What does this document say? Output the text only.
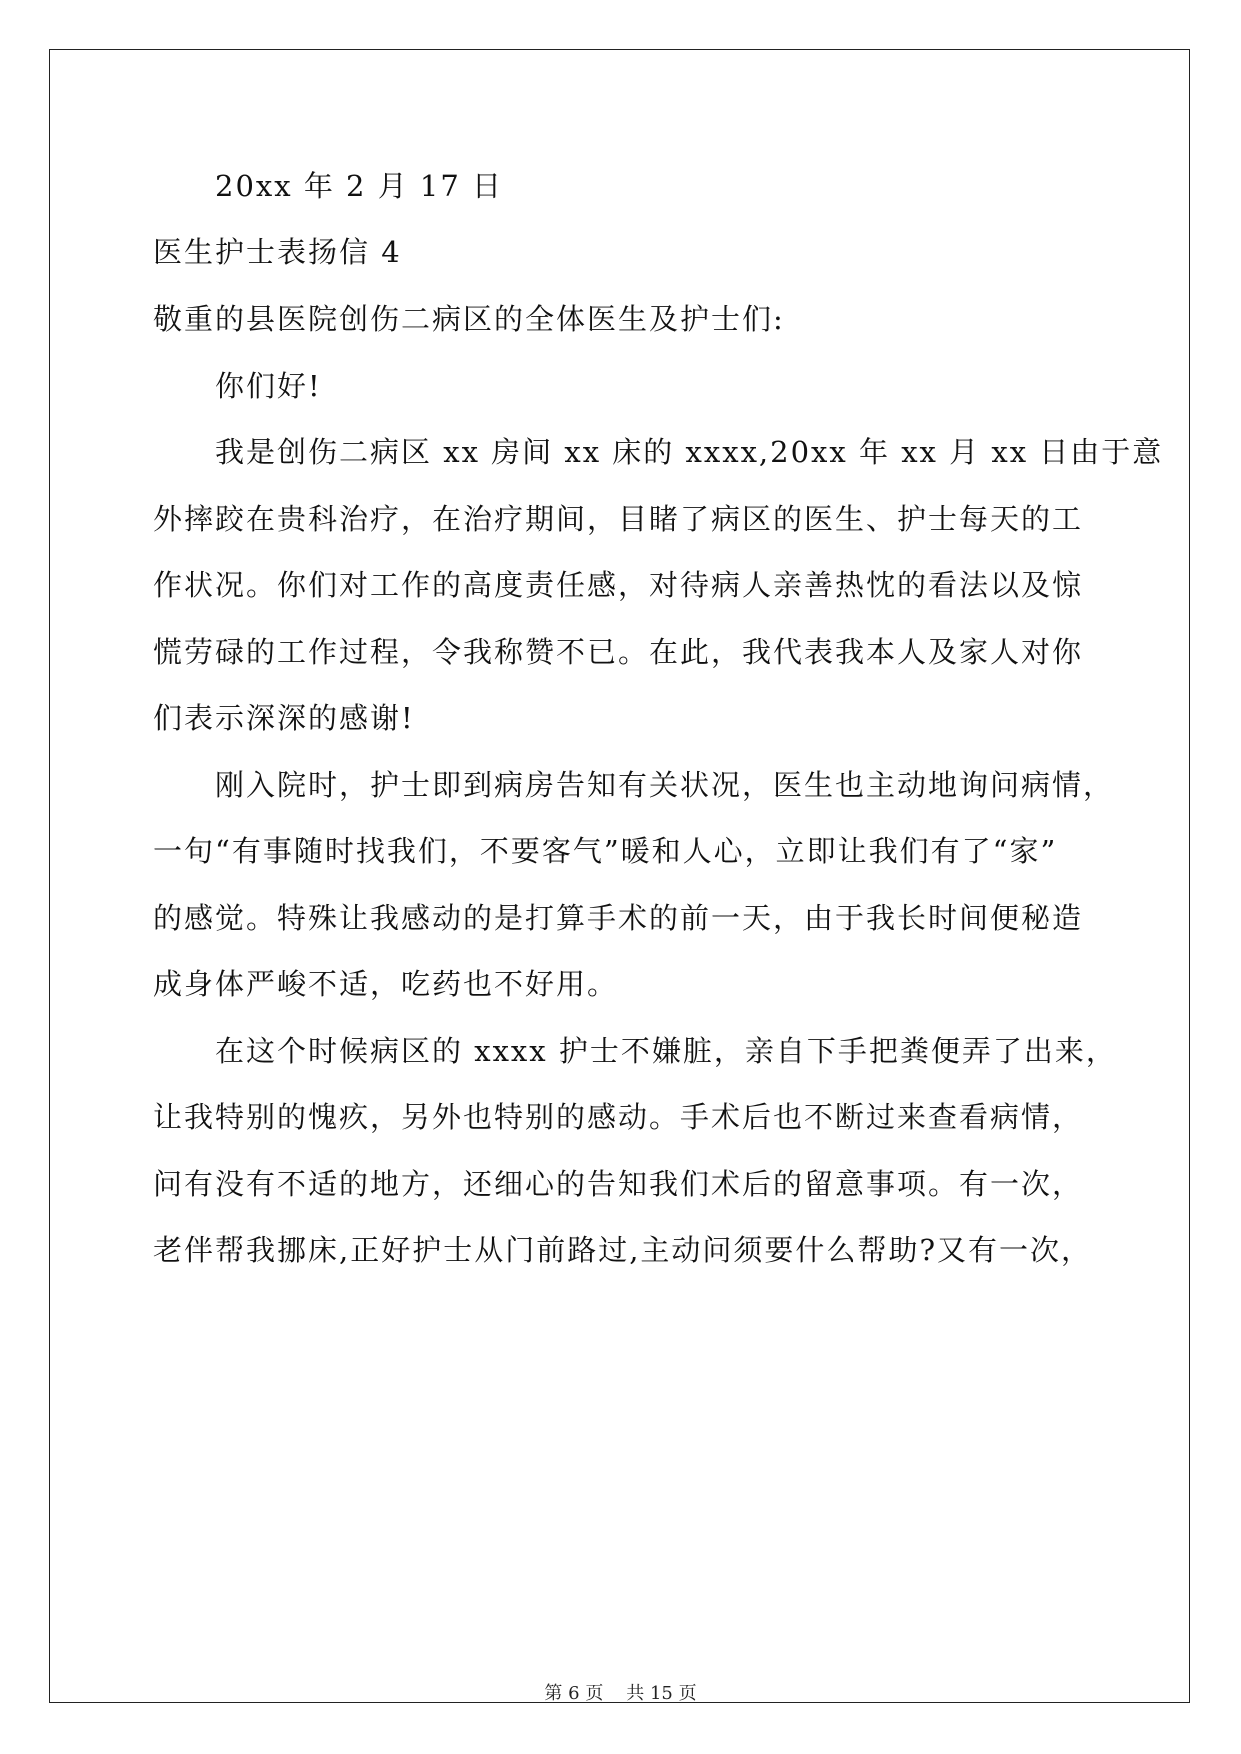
20xx 年 2 月 17 日

医生护士表扬信 4

敬重的县医院创伤二病区的全体医生及护士们:

你们好!

我是创伤二病区 xx 房间 xx 床的 xxxx,20xx 年 xx 月 xx 日由于意

外摔跤在贵科治疗，在治疗期间，目睹了病区的医生、护士每天的工

作状况。你们对工作的高度责任感，对待病人亲善热忱的看法以及惊

慌劳碌的工作过程，令我称赞不已。在此，我代表我本人及家人对你

们表示深深的感谢!

刚入院时，护士即到病房告知有关状况，医生也主动地询问病情，

一句“有事随时找我们，不要客气”暖和人心，立即让我们有了“家”

的感觉。特殊让我感动的是打算手术的前一天，由于我长时间便秘造

成身体严峻不适，吃药也不好用。

在这个时候病区的 xxxx 护士不嫌脏，亲自下手把粪便弄了出来，

让我特别的愧疚，另外也特别的感动。手术后也不断过来查看病情，

问有没有不适的地方，还细心的告知我们术后的留意事项。有一次，

老伴帮我挪床,正好护士从门前路过,主动问须要什么帮助?又有一次，

第 6 页 共 15 页
